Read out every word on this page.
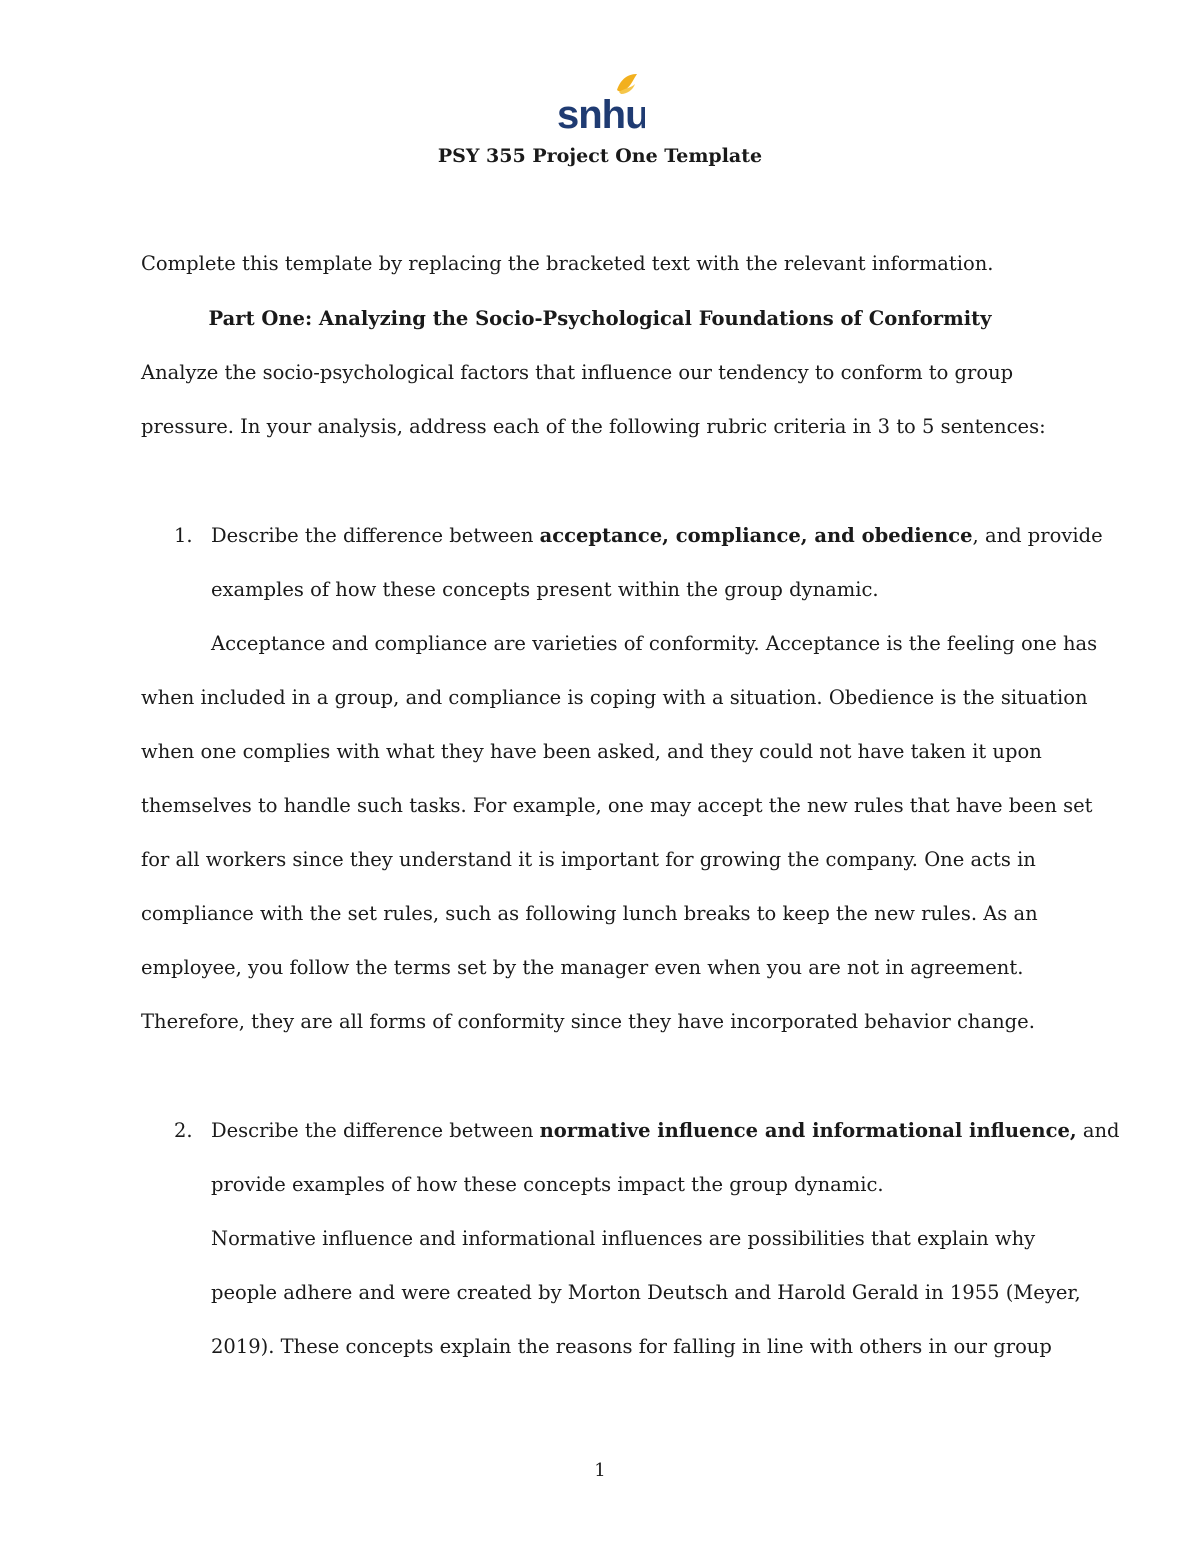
snhu
PSY 355 Project One Template
Complete this template by replacing the bracketed text with the relevant information.
Part One: Analyzing the Socio-Psychological Foundations of Conformity
Analyze the socio-psychological factors that influence our tendency to conform to group
pressure. In your analysis, address each of the following rubric criteria in 3 to 5 sentences:
1. Describe the difference between acceptance, compliance, and obedience, and provide
examples of how these concepts present within the group dynamic.
Acceptance and compliance are varieties of conformity. Acceptance is the feeling one has
when included in a group, and compliance is coping with a situation. Obedience is the situation
when one complies with what they have been asked, and they could not have taken it upon
themselves to handle such tasks. For example, one may accept the new rules that have been set
for all workers since they understand it is important for growing the company. One acts in
compliance with the set rules, such as following lunch breaks to keep the new rules. As an
employee, you follow the terms set by the manager even when you are not in agreement.
Therefore, they are all forms of conformity since they have incorporated behavior change.
2. Describe the difference between normative influence and informational influence, and
provide examples of how these concepts impact the group dynamic.
Normative influence and informational influences are possibilities that explain why
people adhere and were created by Morton Deutsch and Harold Gerald in 1955 (Meyer,
2019). These concepts explain the reasons for falling in line with others in our group
1
